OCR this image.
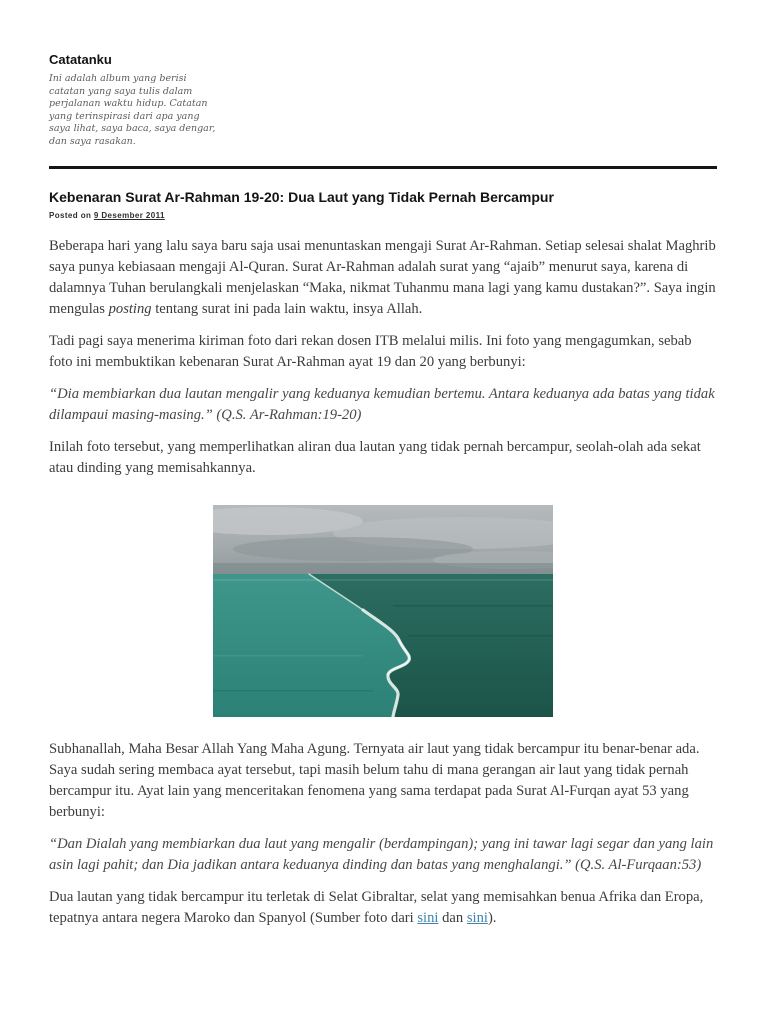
Catatanku
Ini adalah album yang berisi catatan yang saya tulis dalam perjalanan waktu hidup. Catatan yang terinspirasi dari apa yang saya lihat, saya baca, saya dengar, dan saya rasakan.
Kebenaran Surat Ar-Rahman 19-20: Dua Laut yang Tidak Pernah Bercampur
Posted on 9 Desember 2011

Beberapa hari yang lalu saya baru saja usai menuntaskan mengaji Surat Ar-Rahman. Setiap selesai shalat Maghrib saya punya kebiasaan mengaji Al-Quran. Surat Ar-Rahman adalah surat yang “ajaib” menurut saya, karena di dalamnya Tuhan berulangkali menjelaskan “Maka, nikmat Tuhanmu mana lagi yang kamu dustakan?”. Saya ingin mengulas posting tentang surat ini pada lain waktu, insya Allah.

Tadi pagi saya menerima kiriman foto dari rekan dosen ITB melalui milis. Ini foto yang mengagumkan, sebab foto ini membuktikan kebenaran Surat Ar-Rahman ayat 19 dan 20 yang berbunyi:

“Dia membiarkan dua lautan mengalir yang keduanya kemudian bertemu. Antara keduanya ada batas yang tidak dilampaui masing-masing.” (Q.S. Ar-Rahman:19-20)

Inilah foto tersebut, yang memperlihatkan aliran dua lautan yang tidak pernah bercampur, seolah-olah ada sekat atau dinding yang memisahkannya.

Subhanallah, Maha Besar Allah Yang Maha Agung. Ternyata air laut yang tidak bercampur itu benar-benar ada. Saya sudah sering membaca ayat tersebut, tapi masih belum tahu di mana gerangan air laut yang tidak pernah bercampur itu. Ayat lain yang menceritakan fenomena yang sama terdapat pada Surat Al-Furqan ayat 53 yang berbunyi:

“Dan Dialah yang membiarkan dua laut yang mengalir (berdampingan); yang ini tawar lagi segar dan yang lain asin lagi pahit; dan Dia jadikan antara keduanya dinding dan batas yang menghalangi.” (Q.S. Al-Furqaan:53)

Dua lautan yang tidak bercampur itu terletak di Selat Gibraltar, selat yang memisahkan benua Afrika dan Eropa, tepatnya antara negera Maroko dan Spanyol (Sumber foto dari sini dan sini).
